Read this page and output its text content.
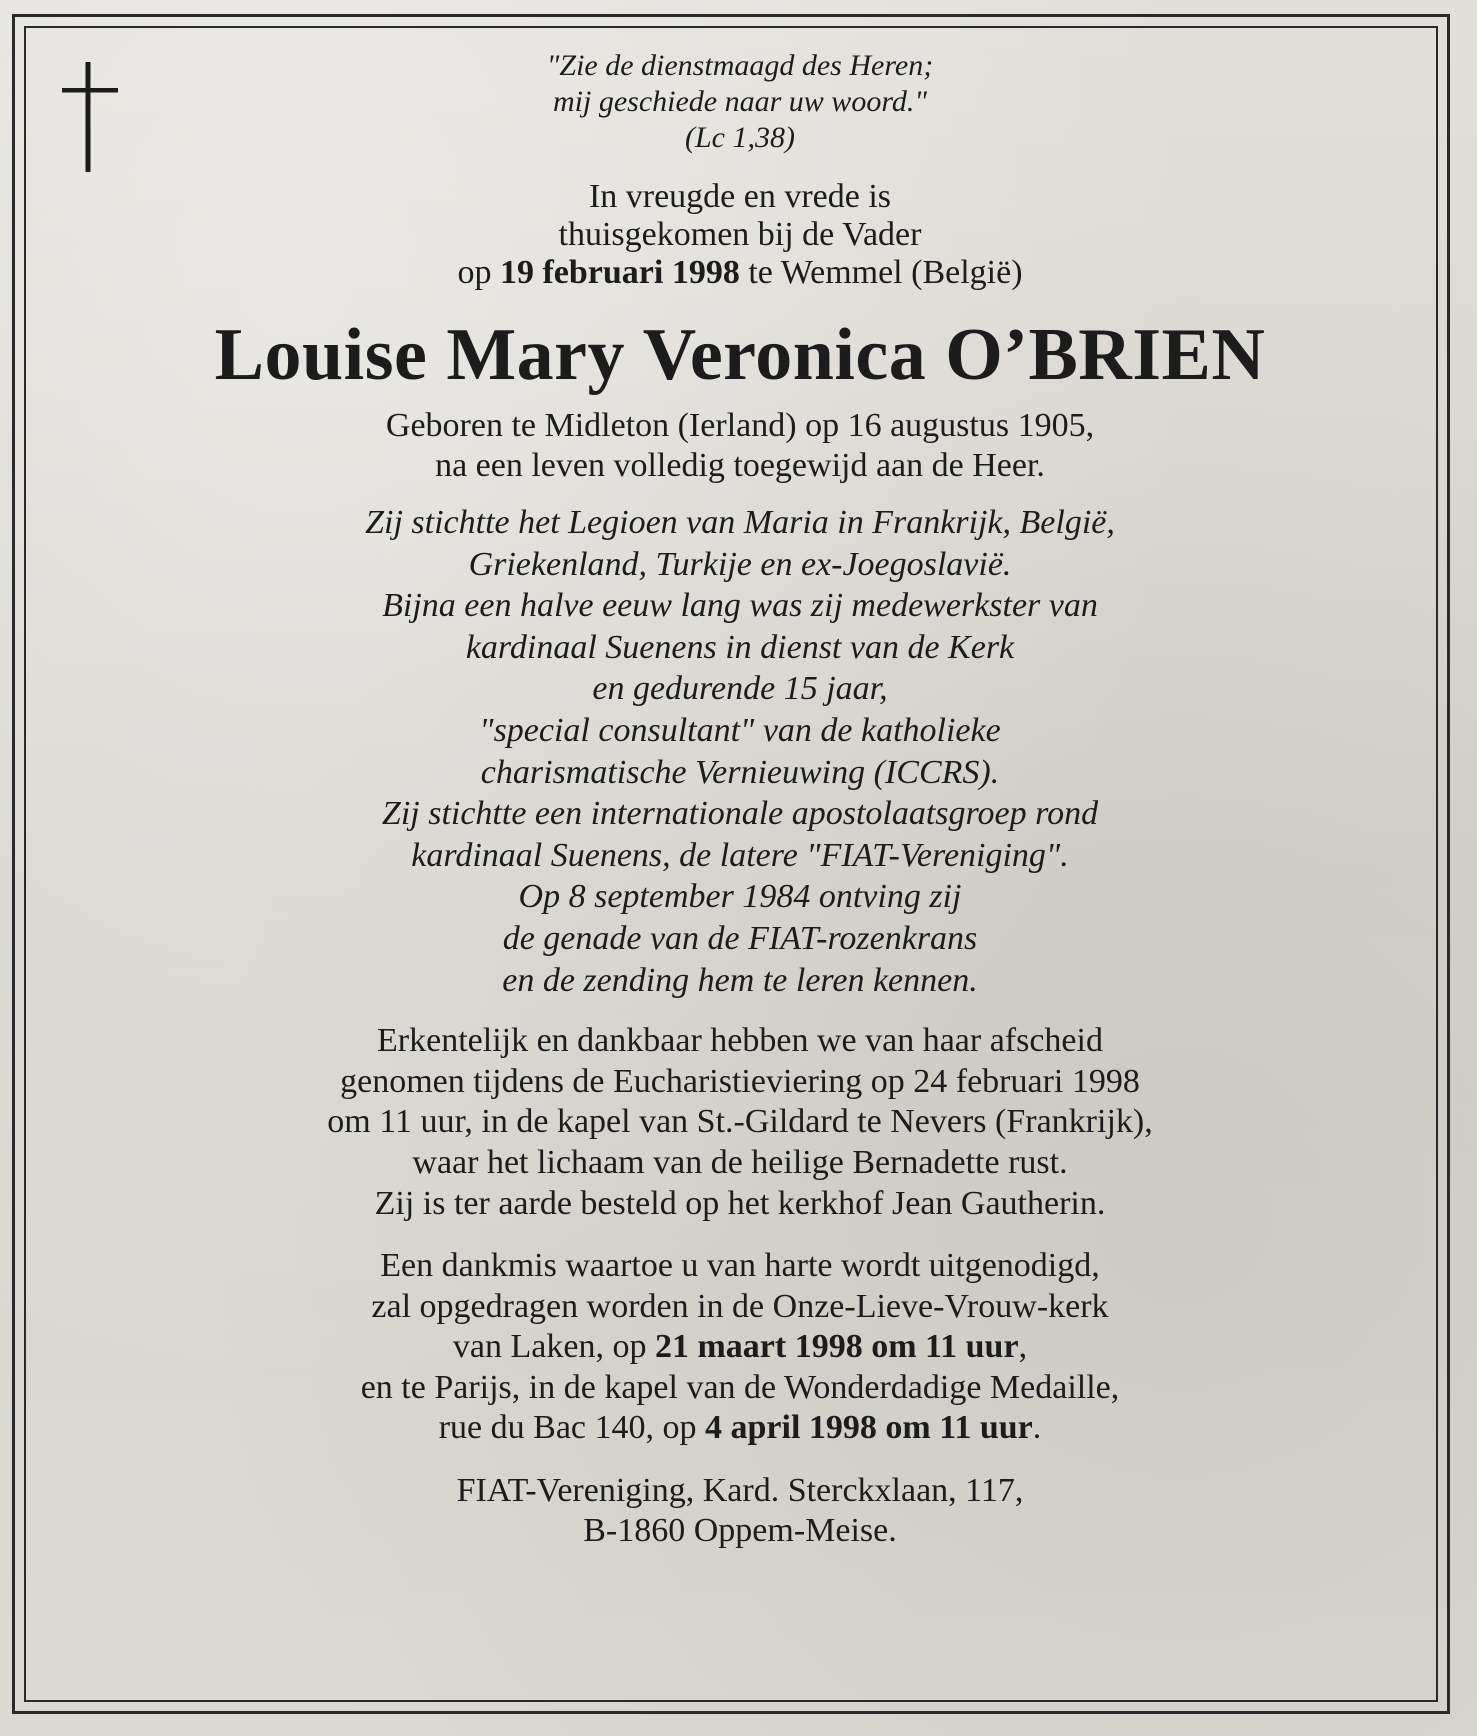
"Zie de dienstmaagd des Heren;
mij geschiede naar uw woord."
(Lc 1,38)
In vreugde en vrede is
thuisgekomen bij de Vader
op 19 februari 1998 te Wemmel (België)
Louise Mary Veronica O’BRIEN
Geboren te Midleton (Ierland) op 16 augustus 1905,
na een leven volledig toegewijd aan de Heer.
Zij stichtte het Legioen van Maria in Frankrijk, België,
Griekenland, Turkije en ex-Joegoslavië.
Bijna een halve eeuw lang was zij medewerkster van
kardinaal Suenens in dienst van de Kerk
en gedurende 15 jaar,
"special consultant" van de katholieke
charismatische Vernieuwing (ICCRS).
Zij stichtte een internationale apostolaatsgroep rond
kardinaal Suenens, de latere "FIAT-Vereniging".
Op 8 september 1984 ontving zij
de genade van de FIAT-rozenkrans
en de zending hem te leren kennen.
Erkentelijk en dankbaar hebben we van haar afscheid
genomen tijdens de Eucharistieviering op 24 februari 1998
om 11 uur, in de kapel van St.-Gildard te Nevers (Frankrijk),
waar het lichaam van de heilige Bernadette rust.
Zij is ter aarde besteld op het kerkhof Jean Gautherin.
Een dankmis waartoe u van harte wordt uitgenodigd,
zal opgedragen worden in de Onze-Lieve-Vrouw-kerk
van Laken, op 21 maart 1998 om 11 uur,
en te Parijs, in de kapel van de Wonderdadige Medaille,
rue du Bac 140, op 4 april 1998 om 11 uur.
FIAT-Vereniging, Kard. Sterckxlaan, 117,
B-1860 Oppem-Meise.
